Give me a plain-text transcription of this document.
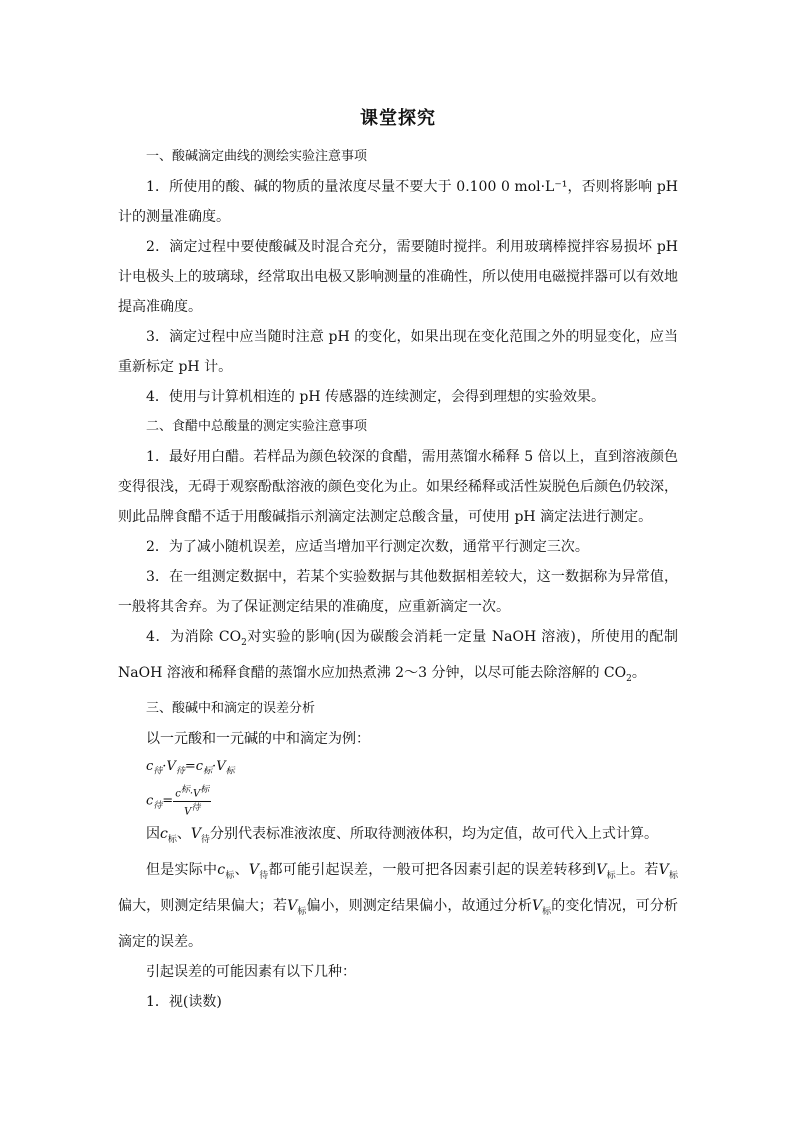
课堂探究

一、酸碱滴定曲线的测绘实验注意事项

1．所使用的酸、碱的物质的量浓度尽量不要大于 0.100 0 mol·L⁻¹，否则将影响 pH 计的测量准确度。

2．滴定过程中要使酸碱及时混合充分，需要随时搅拌。利用玻璃棒搅拌容易损坏 pH 计电极头上的玻璃球，经常取出电极又影响测量的准确性，所以使用电磁搅拌器可以有效地提高准确度。

3．滴定过程中应当随时注意 pH 的变化，如果出现在变化范围之外的明显变化，应当重新标定 pH 计。

4．使用与计算机相连的 pH 传感器的连续测定，会得到理想的实验效果。

二、食醋中总酸量的测定实验注意事项

1．最好用白醋。若样品为颜色较深的食醋，需用蒸馏水稀释 5 倍以上，直到溶液颜色变得很浅，无碍于观察酚酞溶液的颜色变化为止。如果经稀释或活性炭脱色后颜色仍较深，则此品牌食醋不适于用酸碱指示剂滴定法测定总酸含量，可使用 pH 滴定法进行测定。

2．为了减小随机误差，应适当增加平行测定次数，通常平行测定三次。

3．在一组测定数据中，若某个实验数据与其他数据相差较大，这一数据称为异常值，一般将其舍弃。为了保证测定结果的准确度，应重新滴定一次。

4．为消除 $CO_2$对实验的影响(因为碳酸会消耗一定量 NaOH 溶液)，所使用的配制 NaOH 溶液和稀释食醋的蒸馏水应加热煮沸 2～3 分钟，以尽可能去除溶解的 $CO_2$。

三、酸碱中和滴定的误差分析

以一元酸和一元碱的中和滴定为例：

$c_待\cdot V_待=c_标\cdot V_标$

$c_待= \frac{c^标\cdot V^标}{V^待}$

因$c_标$、$V_待$分别代表标准液浓度、所取待测液体积，均为定值，故可代入上式计算。

但是实际中$c_标$、$V_待$都可能引起误差，一般可把各因素引起的误差转移到$V_标$上。若$V_标$偏大，则测定结果偏大；若$V_标$偏小，则测定结果偏小，故通过分析$V_标$的变化情况，可分析滴定的误差。

引起误差的可能因素有以下几种：

1．视(读数)
